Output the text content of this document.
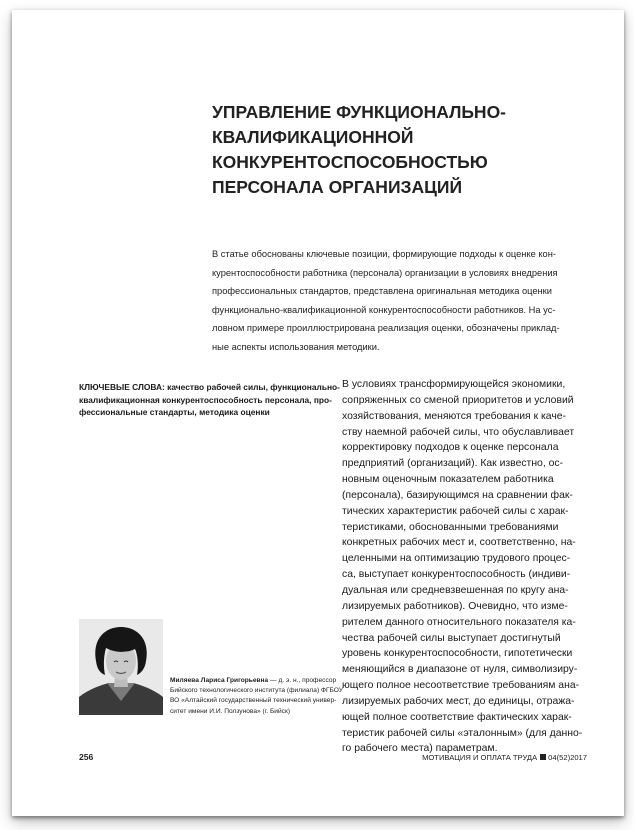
УПРАВЛЕНИЕ ФУНКЦИОНАЛЬНО-
КВАЛИФИКАЦИОННОЙ
КОНКУРЕНТОСПОСОБНОСТЬЮ
ПЕРСОНАЛА ОРГАНИЗАЦИЙ
В статье обоснованы ключевые позиции, формирующие подходы к оценке кон-
курентоспособности работника (персонала) организации в условиях внедрения
профессиональных стандартов, представлена оригинальная методика оценки
функционально-квалификационной конкурентоспособности работников. На ус-
ловном примере проиллюстрирована реализация оценки, обозначены приклад-
ные аспекты использования методики.
КЛЮЧЕВЫЕ СЛОВА: качество рабочей силы, функционально-
квалификационная конкурентоспособность персонала, про-
фессиональные стандарты, методика оценки
В условиях трансформирующейся экономики,
сопряженных со сменой приоритетов и условий
хозяйствования, меняются требования к каче-
ству наемной рабочей силы, что обуславливает
корректировку подходов к оценке персонала
предприятий (организаций). Как известно, ос-
новным оценочным показателем работника
(персонала), базирующимся на сравнении фак-
тических характеристик рабочей силы с харак-
теристиками, обоснованными требованиями
конкретных рабочих мест и, соответственно, на-
целенными на оптимизацию трудового процес-
са, выступает конкурентоспособность (индиви-
дуальная или средневзвешенная по кругу ана-
лизируемых работников). Очевидно, что изме-
рителем данного относительного показателя ка-
чества рабочей силы выступает достигнутый
уровень конкурентоспособности, гипотетически
меняющийся в диапазоне от нуля, символизиру-
ющего полное несоответствие требованиям ана-
лизируемых рабочих мест, до единицы, отража-
ющей полное соответствие фактических харак-
теристик рабочей силы «эталонным» (для данно-
го рабочего места) параметрам.
Миляева Лариса Григорьевна — д. э. н., профессор
Бийского технологического института (филиала) ФГБОУ
ВО «Алтайский государственный технический универ-
ситет имени И.И. Ползунова» (г. Бийск)
256	МОТИВАЦИЯ И ОПЛАТА ТРУДА 04(52)2017
